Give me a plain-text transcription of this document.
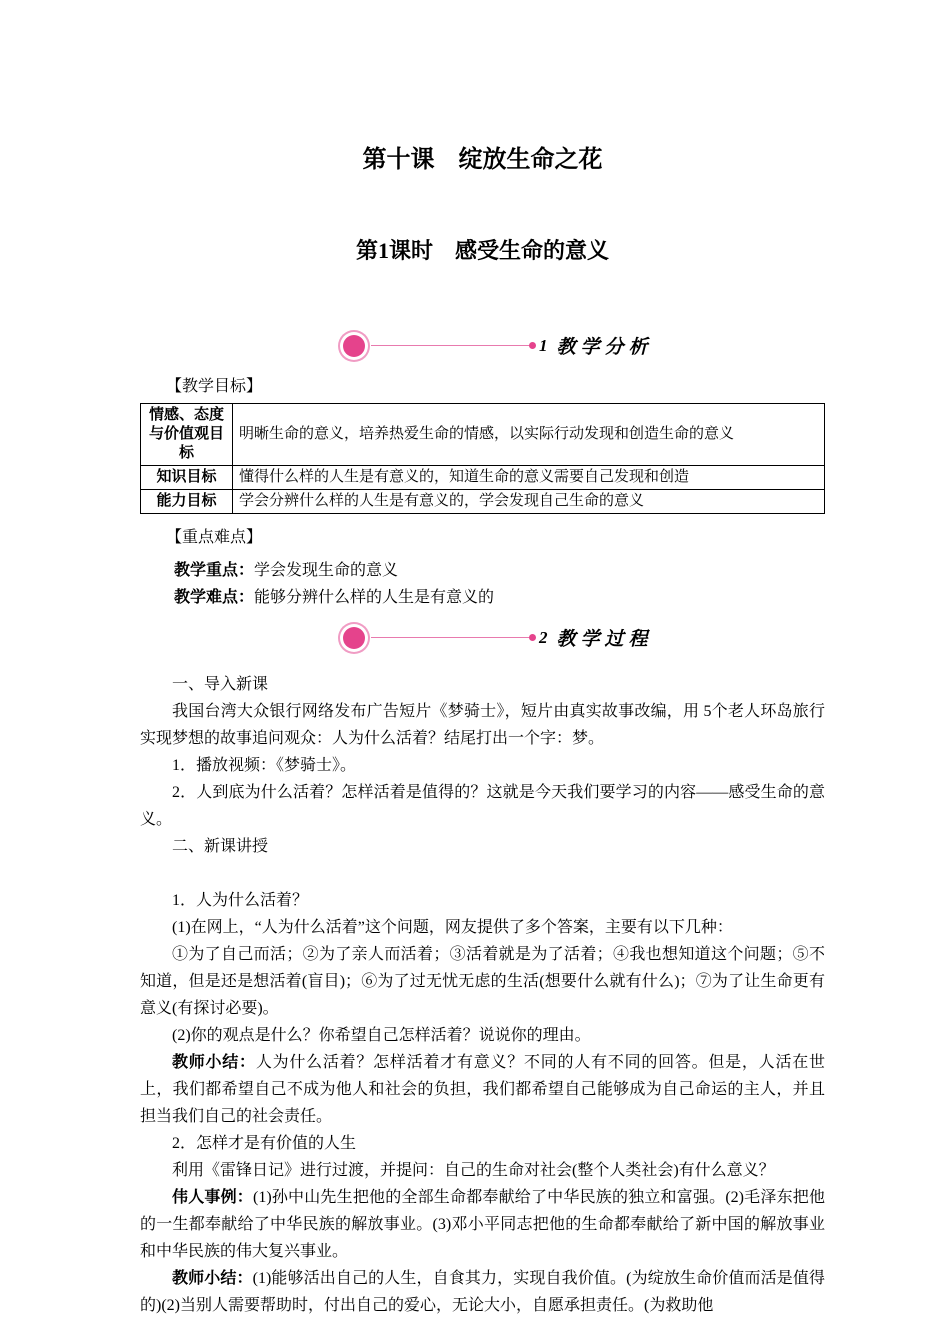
第十课　绽放生命之花
第1课时　感受生命的意义
1 教学分析
【教学目标】
情感、态度与价值观目标	明晰生命的意义，培养热爱生命的情感，以实际行动发现和创造生命的意义
知识目标	懂得什么样的人生是有意义的，知道生命的意义需要自己发现和创造
能力目标	学会分辨什么样的人生是有意义的，学会发现自己生命的意义
【重点难点】

教学重点：学会发现生命的意义

教学难点：能够分辨什么样的人生是有意义的

2 教学过程

一、导入新课

我国台湾大众银行网络发布广告短片《梦骑士》，短片由真实故事改编，用 5个老人环岛旅行实现梦想的故事追问观众：人为什么活着？结尾打出一个字：梦。

1．播放视频：《梦骑士》。

2．人到底为什么活着？怎样活着是值得的？这就是今天我们要学习的内容——感受生命的意义。

二、新课讲授

1．人为什么活着？

(1)在网上，“人为什么活着”这个问题，网友提供了多个答案，主要有以下几种：

①为了自己而活；②为了亲人而活着；③活着就是为了活着；④我也想知道这个问题；⑤不知道，但是还是想活着(盲目)；⑥为了过无忧无虑的生活(想要什么就有什么)；⑦为了让生命更有意义(有探讨必要)。

(2)你的观点是什么？你希望自己怎样活着？说说你的理由。

教师小结：人为什么活着？怎样活着才有意义？不同的人有不同的回答。但是，人活在世上，我们都希望自己不成为他人和社会的负担，我们都希望自己能够成为自己命运的主人，并且担当我们自己的社会责任。

2．怎样才是有价值的人生

利用《雷锋日记》进行过渡，并提问：自己的生命对社会(整个人类社会)有什么意义？

伟人事例：(1)孙中山先生把他的全部生命都奉献给了中华民族的独立和富强。(2)毛泽东把他的一生都奉献给了中华民族的解放事业。(3)邓小平同志把他的生命都奉献给了新中国的解放事业和中华民族的伟大复兴事业。

教师小结：(1)能够活出自己的人生，自食其力，实现自我价值。(为绽放生命价值而活是值得的)(2)当别人需要帮助时，付出自己的爱心，无论大小，自愿承担责任。(为救助他
